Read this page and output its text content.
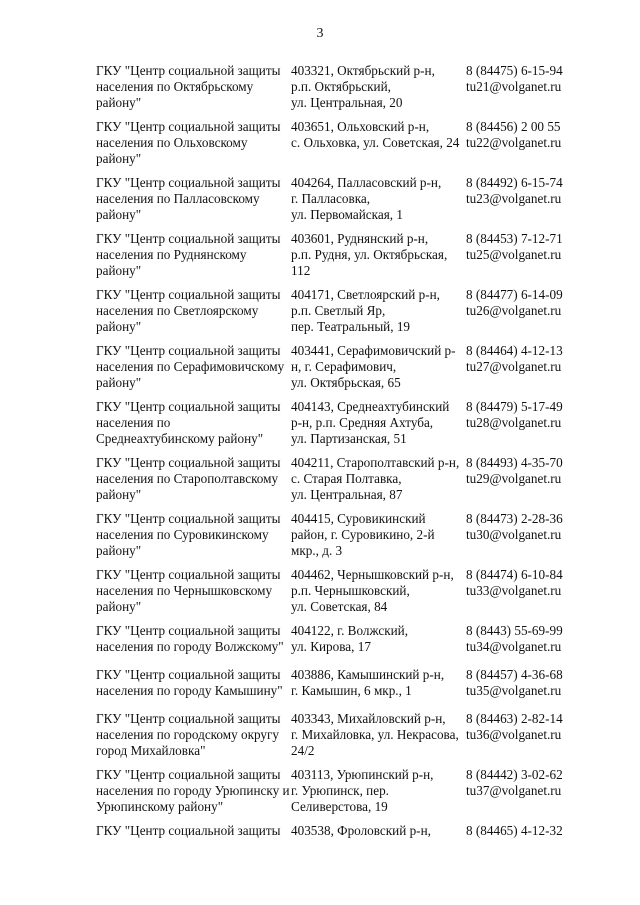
3
ГКУ "Центр социальной защиты
населения по Октябрьскому
району"
403321, Октябрьский р-н,
р.п. Октябрьский,
ул. Центральная, 20
8 (84475) 6-15-94
tu21@volganet.ru
ГКУ "Центр социальной защиты
населения по Ольховскому
району"
403651, Ольховский р-н,
с. Ольховка, ул. Советская, 24
8 (84456) 2 00 55
tu22@volganet.ru
ГКУ "Центр социальной защиты
населения по Палласовскому
району"
404264, Палласовский р-н,
г. Палласовка,
ул. Первомайская, 1
8 (84492) 6-15-74
tu23@volganet.ru
ГКУ "Центр социальной защиты
населения по Руднянскому
району"
403601, Руднянский р-н,
р.п. Рудня, ул. Октябрьская,
112
8 (84453) 7-12-71
tu25@volganet.ru
ГКУ "Центр социальной защиты
населения по Светлоярскому
району"
404171, Светлоярский р-н,
р.п. Светлый Яр,
пер. Театральный, 19
8 (84477) 6-14-09
tu26@volganet.ru
ГКУ "Центр социальной защиты
населения по Серафимовичскому
району"
403441, Серафимовичский р-
н, г. Серафимович,
ул. Октябрьская, 65
8 (84464) 4-12-13
tu27@volganet.ru
ГКУ "Центр социальной защиты
населения по
Среднеахтубинскому району"
404143, Среднеахтубинский
р-н, р.п. Средняя Ахтуба,
ул. Партизанская, 51
8 (84479) 5-17-49
tu28@volganet.ru
ГКУ "Центр социальной защиты
населения по Старополтавскому
району"
404211, Старополтавский р-н,
с. Старая Полтавка,
ул. Центральная, 87
8 (84493) 4-35-70
tu29@volganet.ru
ГКУ "Центр социальной защиты
населения по Суровикинскому
району"
404415, Суровикинский
район, г. Суровикино, 2-й
мкр., д. 3
8 (84473) 2-28-36
tu30@volganet.ru
ГКУ "Центр социальной защиты
населения по Чернышковскому
району"
404462, Чернышковский р-н,
р.п. Чернышковский,
ул. Советская, 84
8 (84474) 6-10-84
tu33@volganet.ru
ГКУ "Центр социальной защиты
населения по городу Волжскому"
404122, г. Волжский,
ул. Кирова, 17
8 (8443) 55-69-99
tu34@volganet.ru
ГКУ "Центр социальной защиты
населения по городу Камышину"
403886, Камышинский р-н,
г. Камышин, 6 мкр., 1
8 (84457) 4-36-68
tu35@volganet.ru
ГКУ "Центр социальной защиты
населения по городскому округу
город Михайловка"
403343, Михайловский р-н,
г. Михайловка, ул. Некрасова,
24/2
8 (84463) 2-82-14
tu36@volganet.ru
ГКУ "Центр социальной защиты
населения по городу Урюпинску и
Урюпинскому району"
403113, Урюпинский р-н,
г. Урюпинск, пер.
Селиверстова, 19
8 (84442) 3-02-62
tu37@volganet.ru
ГКУ "Центр социальной защиты 403538, Фроловский р-н,	8 (84465) 4-12-32
